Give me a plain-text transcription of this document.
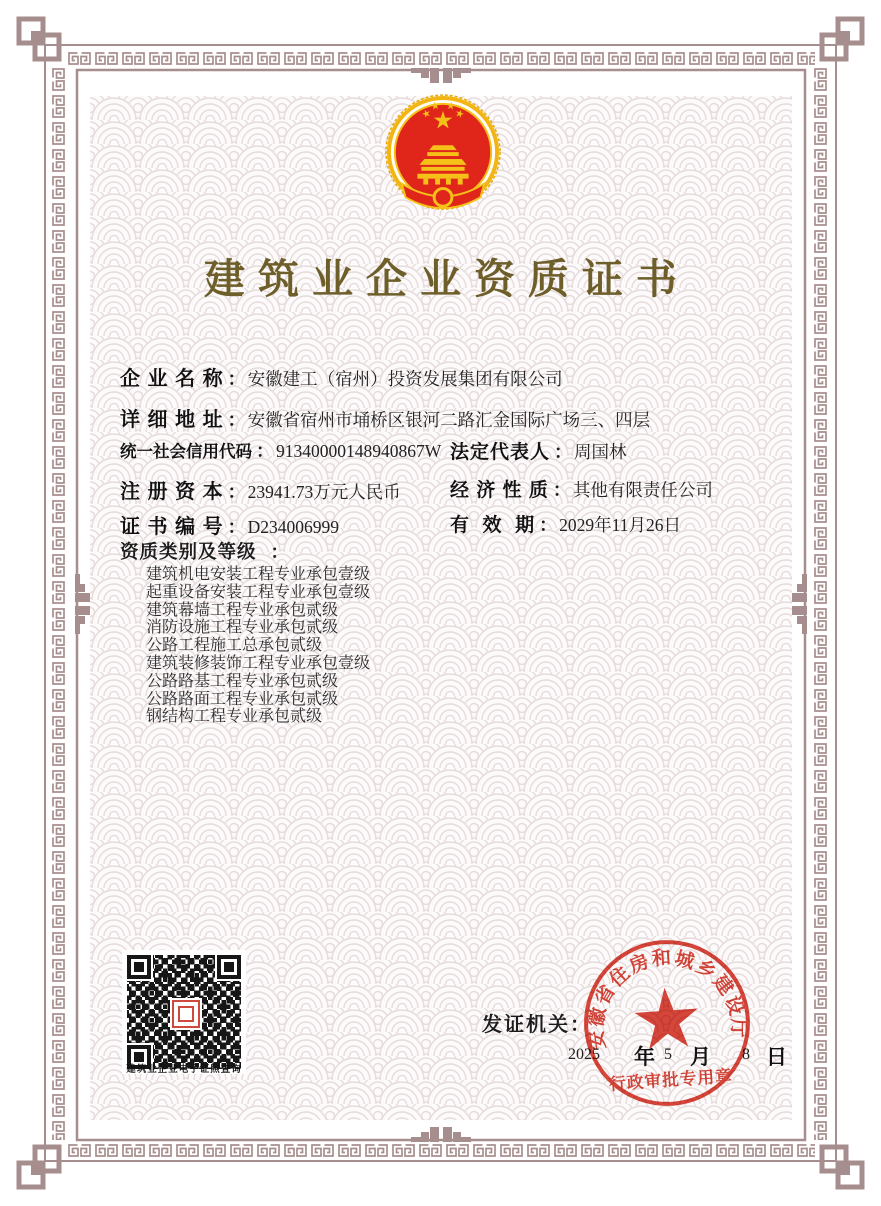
建筑业企业资质证书
企 业 名 称 ： 安徽建工（宿州）投资发展集团有限公司
详 细 地 址 ： 安徽省宿州市埇桥区银河二路汇金国际广场三、四层
统一社会信用代码 ： 91340000148940867W 法定代表人 ： 周国林
注 册 资 本 ： 23941.73万元人民币	经 济 性 质 ： 其他有限责任公司
证 书 编 号 ： D234006999	有  效  期 ： 2029年11月26日
资质类别及等级 ：
建筑机电安装工程专业承包壹级
起重设备安装工程专业承包壹级
建筑幕墙工程专业承包贰级
消防设施工程专业承包贰级
公路工程施工总承包贰级
建筑装修装饰工程专业承包壹级
公路路基工程专业承包贰级
公路路面工程专业承包贰级
钢结构工程专业承包贰级
建筑业企业电子证照查询
发证机关：
2025 年 5 月 8 日
安徽省住房和城乡建设厅
行政审批专用章
